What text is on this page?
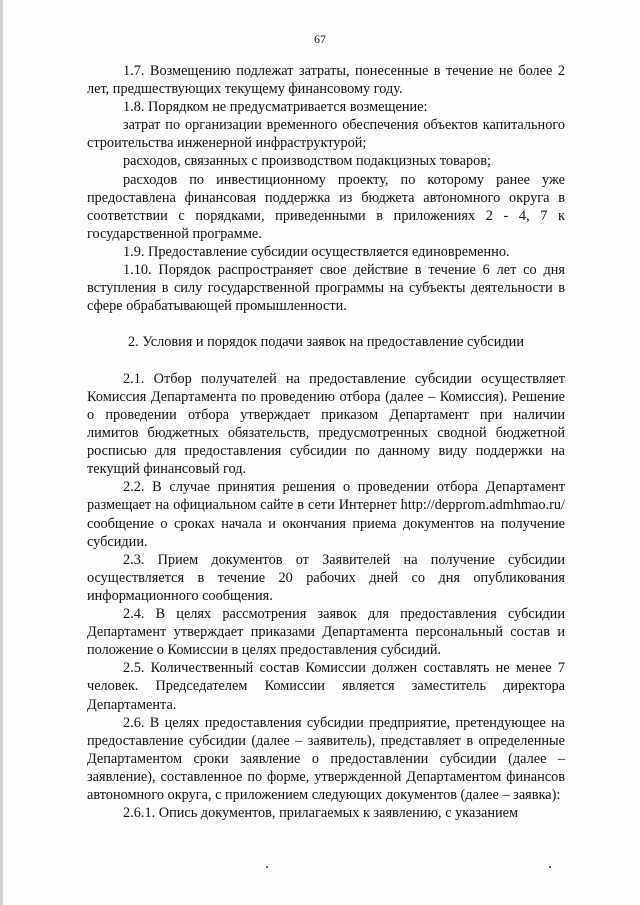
67

1.7. Возмещению подлежат затраты, понесенные в течение не более 2 лет, предшествующих текущему финансовому году.

1.8. Порядком не предусматривается возмещение:

затрат по организации временного обеспечения объектов капитального строительства инженерной инфраструктурой;

расходов, связанных с производством подакцизных товаров;

расходов по инвестиционному проекту, по которому ранее уже предоставлена финансовая поддержка из бюджета автономного округа в соответствии с порядками, приведенными в приложениях 2 - 4, 7 к государственной программе.

1.9. Предоставление субсидии осуществляется единовременно.

1.10. Порядок распространяет свое действие в течение 6 лет со дня вступления в силу государственной программы на субъекты деятельности в сфере обрабатывающей промышленности.

2. Условия и порядок подачи заявок на предоставление субсидии

2.1. Отбор получателей на предоставление субсидии осуществляет Комиссия Департамента по проведению отбора (далее – Комиссия). Решение о проведении отбора утверждает приказом Департамент при наличии лимитов бюджетных обязательств, предусмотренных сводной бюджетной росписью для предоставления субсидии по данному виду поддержки на текущий финансовый год.

2.2. В случае принятия решения о проведении отбора Департамент размещает на официальном сайте в сети Интернет http://depprom.admhmao.ru/ сообщение о сроках начала и окончания приема документов на получение субсидии.

2.3. Прием документов от Заявителей на получение субсидии осуществляется в течение 20 рабочих дней со дня опубликования информационного сообщения.

2.4. В целях рассмотрения заявок для предоставления субсидии Департамент утверждает приказами Департамента персональный состав и положение о Комиссии в целях предоставления субсидий.

2.5. Количественный состав Комиссии должен составлять не менее 7 человек. Председателем Комиссии является заместитель директора Департамента.

2.6. В целях предоставления субсидии предприятие, претендующее на предоставление субсидии (далее – заявитель), представляет в определенные Департаментом сроки заявление о предоставлении субсидии (далее – заявление), составленное по форме, утвержденной Департаментом финансов автономного округа, с приложением следующих документов (далее – заявка):

2.6.1. Опись документов, прилагаемых к заявлению, с указанием
